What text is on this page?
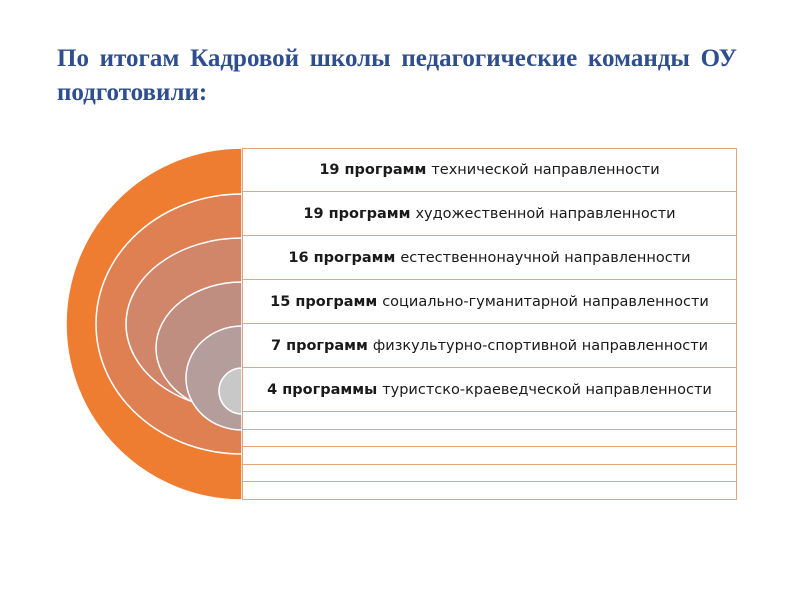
По итогам Кадровой школы педагогические команды ОУ подготовили:
19 программ технической направленности
19 программ художественной направленности
16 программ естественнонаучной направленности
15 программ социально-гуманитарной направленности
7 программ физкультурно-спортивной направленности
4 программы туристско-краеведческой направленности
